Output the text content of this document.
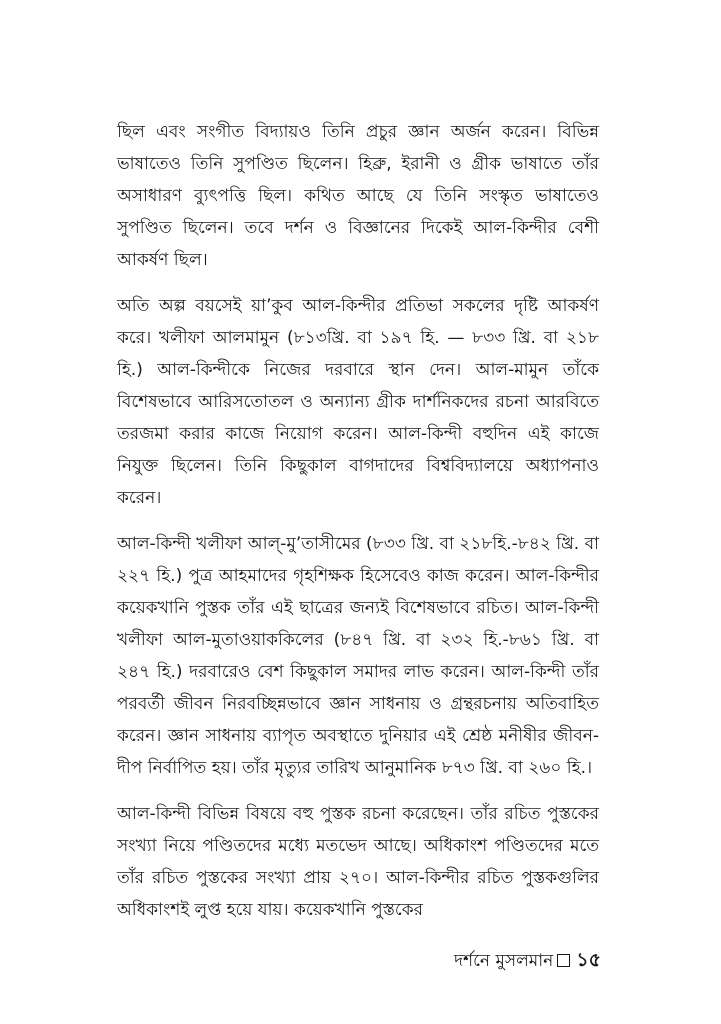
ছিল এবং সংগীত বিদ্যায়ও তিনি প্রচুর জ্ঞান অর্জন করেন। বিভিন্ন ভাষাতেও তিনি সুপণ্ডিত ছিলেন। হিব্রু, ইরানী ও গ্রীক ভাষাতে তাঁর অসাধারণ ব্যুৎপত্তি ছিল। কথিত আছে যে তিনি সংস্কৃত ভাষাতেও সুপণ্ডিত ছিলেন। তবে দর্শন ও বিজ্ঞানের দিকেই আল-কিন্দীর বেশী আকর্ষণ ছিল।

অতি অল্প বয়সেই য়া’কুব আল-কিন্দীর প্রতিভা সকলের দৃষ্টি আকর্ষণ করে। খলীফা আলমামুন (৮১৩খ্রি. বা ১৯৭ হি. — ৮৩৩ খ্রি. বা ২১৮ হি.) আল-কিন্দীকে নিজের দরবারে স্থান দেন। আল-মামুন তাঁকে বিশেষভাবে আরিসতোতল ও অন্যান্য গ্রীক দার্শনিকদের রচনা আরবিতে তরজমা করার কাজে নিয়োগ করেন। আল-কিন্দী বহুদিন এই কাজে নিযুক্ত ছিলেন। তিনি কিছুকাল বাগদাদের বিশ্ববিদ্যালয়ে অধ্যাপনাও করেন।

আল-কিন্দী খলীফা আল্-মু’তাসীমের (৮৩৩ খ্রি. বা ২১৮হি.-৮৪২ খ্রি. বা ২২৭ হি.) পুত্র আহমাদের গৃহশিক্ষক হিসেবেও কাজ করেন। আল-কিন্দীর কয়েকখানি পুস্তক তাঁর এই ছাত্রের জন্যই বিশেষভাবে রচিত। আল-কিন্দী খলীফা আল-মুতাওয়াককিলের (৮৪৭ খ্রি. বা ২৩২ হি.-৮৬১ খ্রি. বা ২৪৭ হি.) দরবারেও বেশ কিছুকাল সমাদর লাভ করেন। আল-কিন্দী তাঁর পরবর্তী জীবন নিরবচ্ছিন্নভাবে জ্ঞান সাধনায় ও গ্রন্থরচনায় অতিবাহিত করেন। জ্ঞান সাধনায় ব্যাপৃত অবস্থাতে দুনিয়ার এই শ্রেষ্ঠ মনীষীর জীবন-দীপ নির্বাপিত হয়। তাঁর মৃত্যুর তারিখ আনুমানিক ৮৭৩ খ্রি. বা ২৬০ হি.।

আল-কিন্দী বিভিন্ন বিষয়ে বহু পুস্তক রচনা করেছেন। তাঁর রচিত পুস্তকের সংখ্যা নিয়ে পণ্ডিতদের মধ্যে মতভেদ আছে। অধিকাংশ পণ্ডিতদের মতে তাঁর রচিত পুস্তকের সংখ্যা প্রায় ২৭০। আল-কিন্দীর রচিত পুস্তকগুলির অধিকাংশই লুপ্ত হয়ে যায়। কয়েকখানি পুস্তকের

দর্শনে মুসলমান ১৫
